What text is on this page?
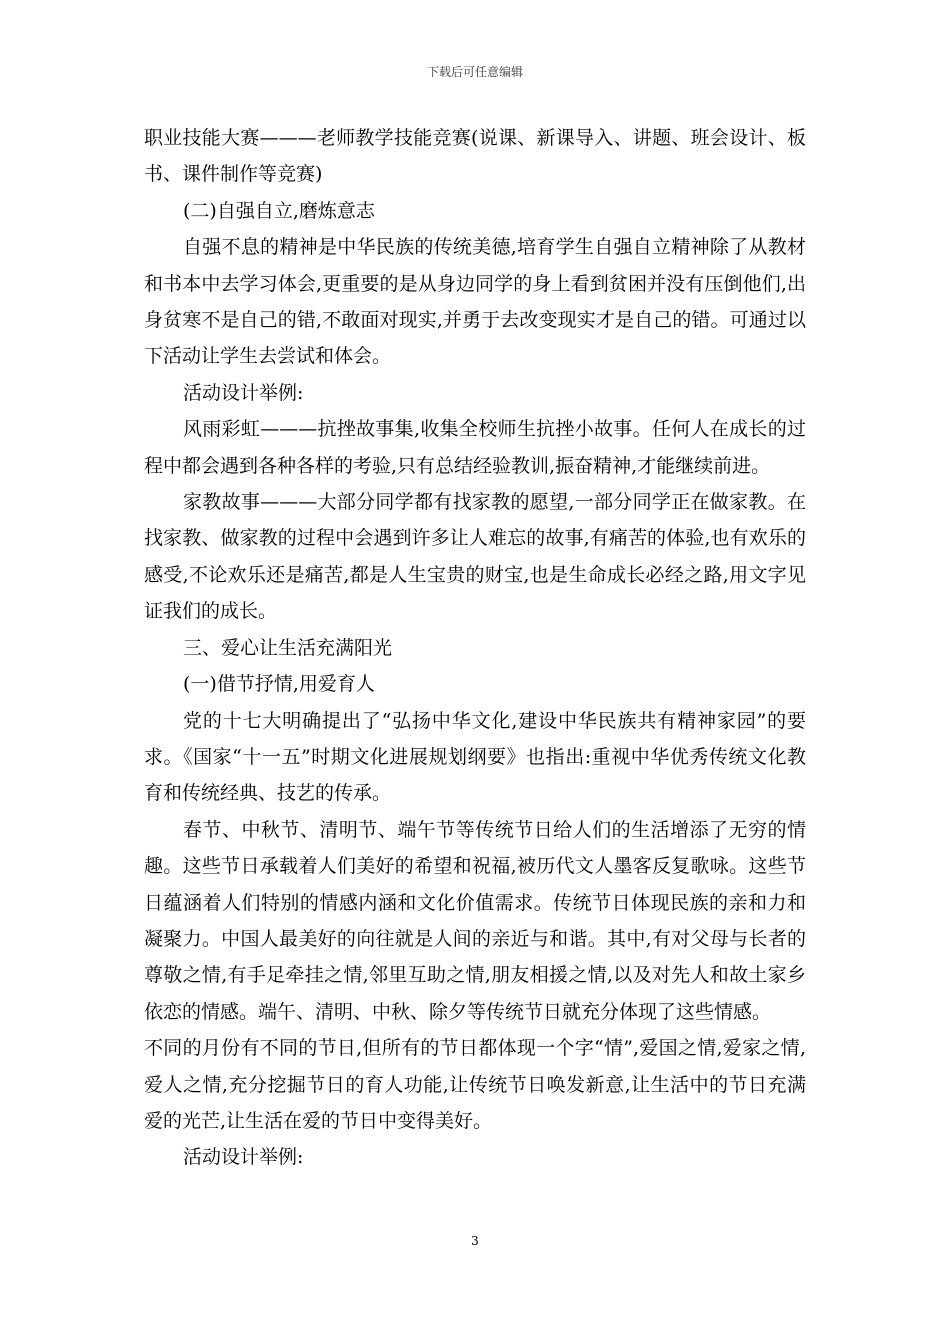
下载后可任意编辑

职业技能大赛———老师教学技能竞赛(说课、新课导入、讲题、班会设计、板书、课件制作等竞赛)

(二)自强自立,磨炼意志

自强不息的精神是中华民族的传统美德,培育学生自强自立精神除了从教材和书本中去学习体会,更重要的是从身边同学的身上看到贫困并没有压倒他们,出身贫寒不是自己的错,不敢面对现实,并勇于去改变现实才是自己的错。可通过以下活动让学生去尝试和体会。

活动设计举例:

风雨彩虹———抗挫故事集,收集全校师生抗挫小故事。任何人在成长的过程中都会遇到各种各样的考验,只有总结经验教训,振奋精神,才能继续前进。

家教故事———大部分同学都有找家教的愿望,一部分同学正在做家教。在找家教、做家教的过程中会遇到许多让人难忘的故事,有痛苦的体验,也有欢乐的感受,不论欢乐还是痛苦,都是人生宝贵的财宝,也是生命成长必经之路,用文字见证我们的成长。

三、爱心让生活充满阳光

(一)借节抒情,用爱育人

党的十七大明确提出了“弘扬中华文化,建设中华民族共有精神家园”的要求。《国家“十一五”时期文化进展规划纲要》也指出:重视中华优秀传统文化教育和传统经典、技艺的传承。

春节、中秋节、清明节、端午节等传统节日给人们的生活增添了无穷的情趣。这些节日承载着人们美好的希望和祝福,被历代文人墨客反复歌咏。这些节日蕴涵着人们特别的情感内涵和文化价值需求。传统节日体现民族的亲和力和凝聚力。中国人最美好的向往就是人间的亲近与和谐。其中,有对父母与长者的尊敬之情,有手足牵挂之情,邻里互助之情,朋友相援之情,以及对先人和故土家乡依恋的情感。端午、清明、中秋、除夕等传统节日就充分体现了这些情感。

不同的月份有不同的节日,但所有的节日都体现一个字“情”,爱国之情,爱家之情,爱人之情,充分挖掘节日的育人功能,让传统节日唤发新意,让生活中的节日充满爱的光芒,让生活在爱的节日中变得美好。

活动设计举例:

3
